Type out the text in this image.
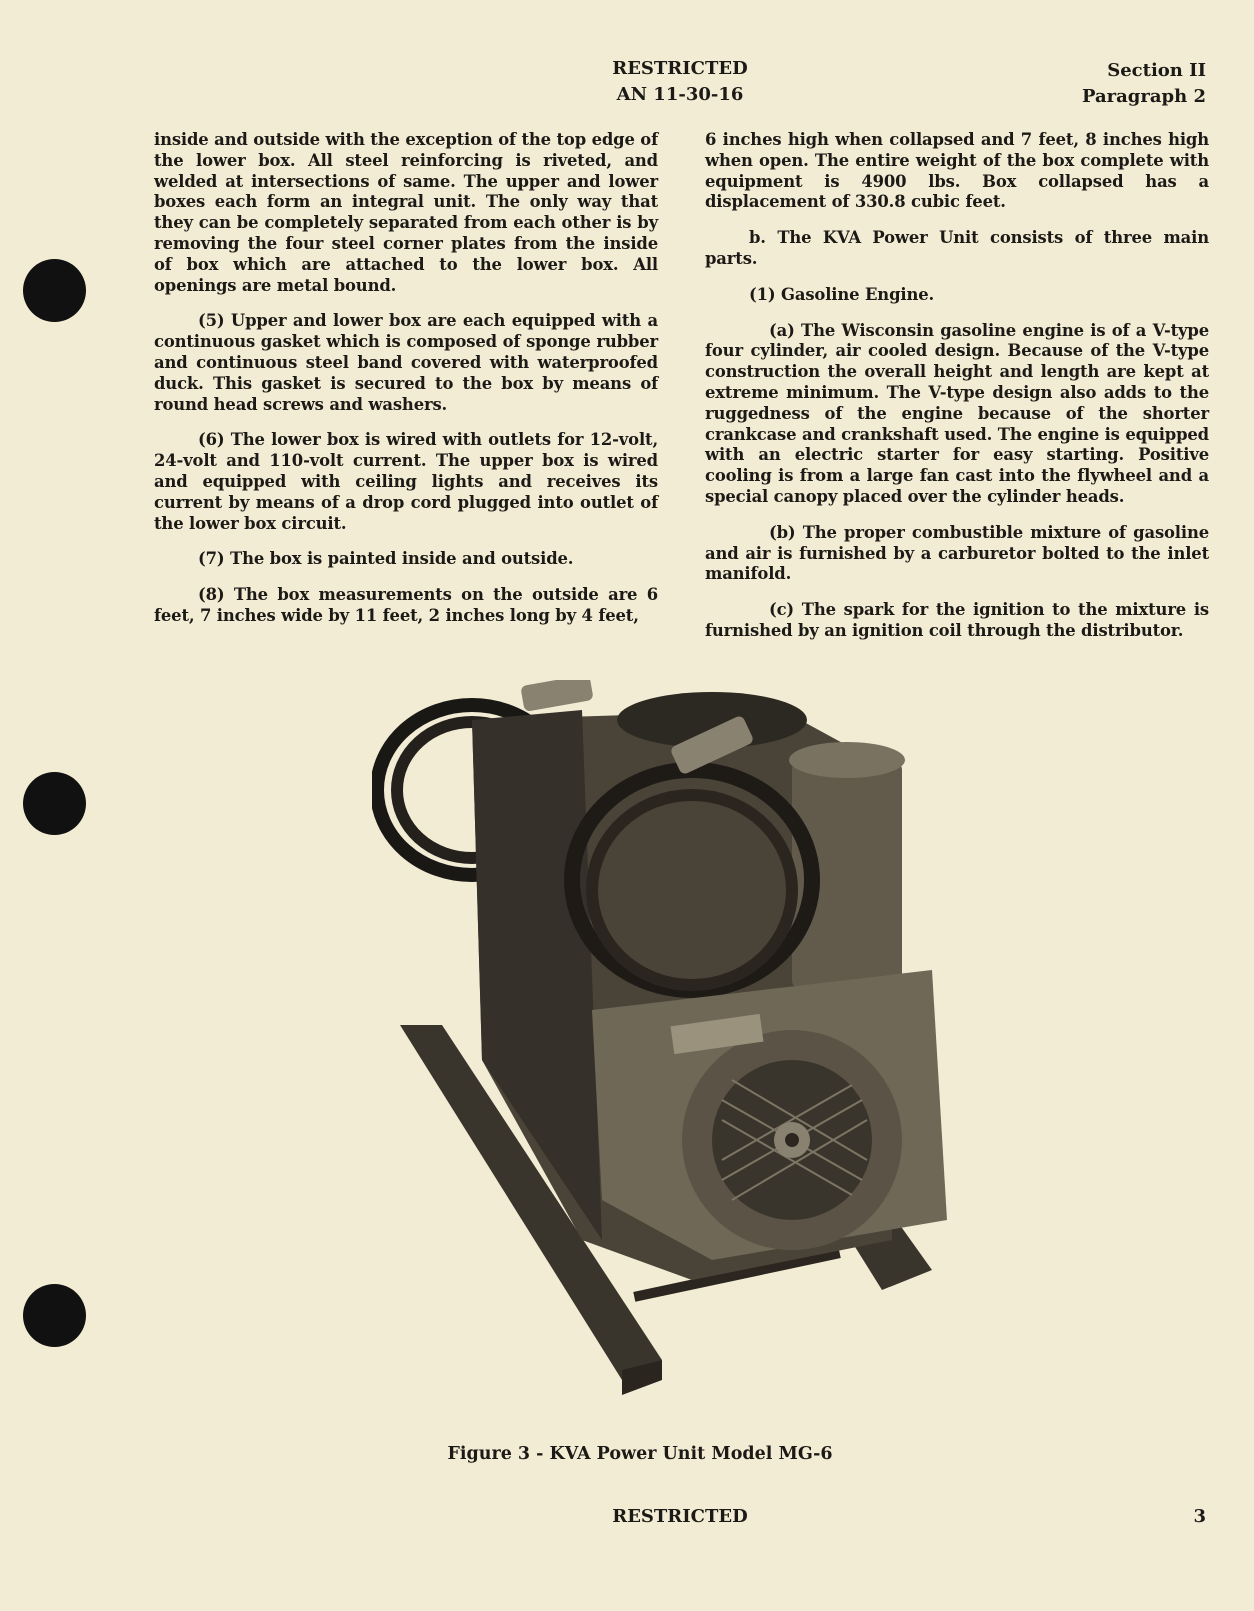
RESTRICTED
AN 11-30-16
Section II
Paragraph 2

inside and outside with the exception of the top edge of the lower box. All steel reinforcing is riveted, and welded at intersections of same. The upper and lower boxes each form an integral unit. The only way that they can be completely separated from each other is by removing the four steel corner plates from the inside of box which are attached to the lower box. All openings are metal bound.

(5) Upper and lower box are each equipped with a continuous gasket which is composed of sponge rubber and continuous steel band covered with waterproofed duck. This gasket is secured to the box by means of round head screws and washers.

(6) The lower box is wired with outlets for 12-volt, 24-volt and 110-volt current. The upper box is wired and equipped with ceiling lights and receives its current by means of a drop cord plugged into outlet of the lower box circuit.

(7) The box is painted inside and outside.

(8) The box measurements on the outside are 6 feet, 7 inches wide by 11 feet, 2 inches long by 4 feet,

6 inches high when collapsed and 7 feet, 8 inches high when open. The entire weight of the box complete with equipment is 4900 lbs. Box collapsed has a displacement of 330.8 cubic feet.

b. The KVA Power Unit consists of three main parts.

(1) Gasoline Engine.

(a) The Wisconsin gasoline engine is of a V-type four cylinder, air cooled design. Because of the V-type construction the overall height and length are kept at extreme minimum. The V-type design also adds to the ruggedness of the engine because of the shorter crankcase and crankshaft used. The engine is equipped with an electric starter for easy starting. Positive cooling is from a large fan cast into the flywheel and a special canopy placed over the cylinder heads.

(b) The proper combustible mixture of gasoline and air is furnished by a carburetor bolted to the inlet manifold.

(c) The spark for the ignition to the mixture is furnished by an ignition coil through the distributor.

Figure 3 - KVA Power Unit Model MG-6
RESTRICTED	3
